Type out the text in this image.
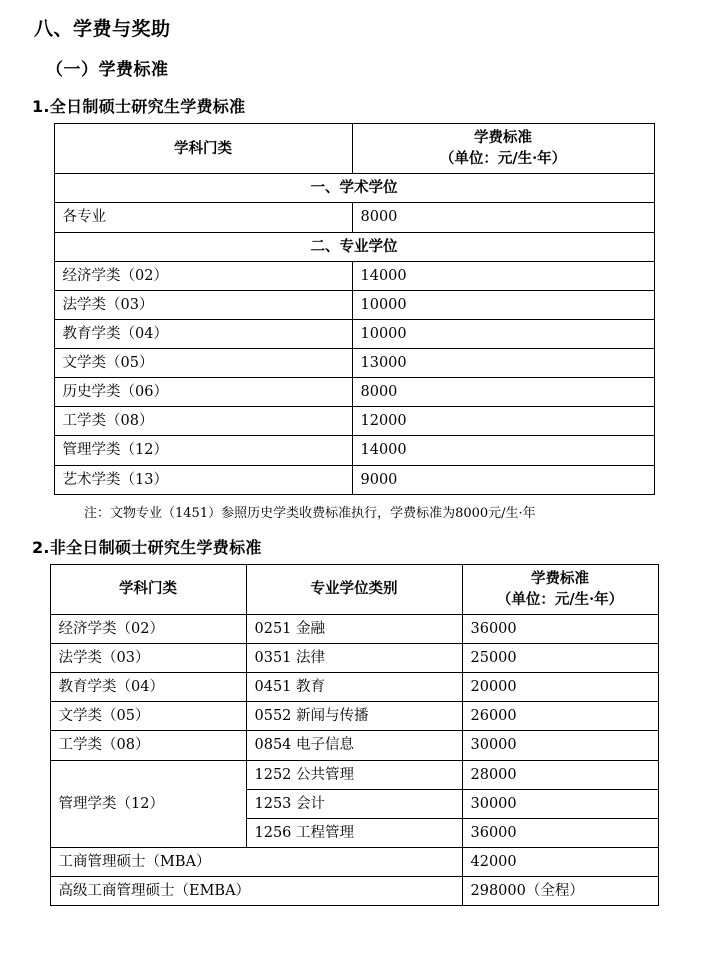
八、学费与奖助
（一）学费标准
1.全日制硕士研究生学费标准
学科门类	学费标准
（单位：元/生·年）

一、学术学位	
各专业	8000
二、专业学位	
经济学类（02）	14000
法学类（03）	10000
教育学类（04）	10000
文学类（05）	13000
历史学类（06）	8000
工学类（08）	12000
管理学类（12）	14000
艺术学类（13）	9000
注：文物专业（1451）参照历史学类收费标准执行，学费标准为8000元/生·年
2.非全日制硕士研究生学费标准
学科门类	专业学位类别	学费标准
（单位：元/生·年）

经济学类（02）	0251 金融	36000
法学类（03）	0351 法律	25000
教育学类（04）	0451 教育	20000
文学类（05）	0552 新闻与传播	26000
工学类（08）	0854 电子信息	30000
管理学类（12）	1252 公共管理	28000
	1253 会计	30000
	1256 工程管理	36000
工商管理硕士（MBA）		42000
高级工商管理硕士（EMBA）		298000（全程）
